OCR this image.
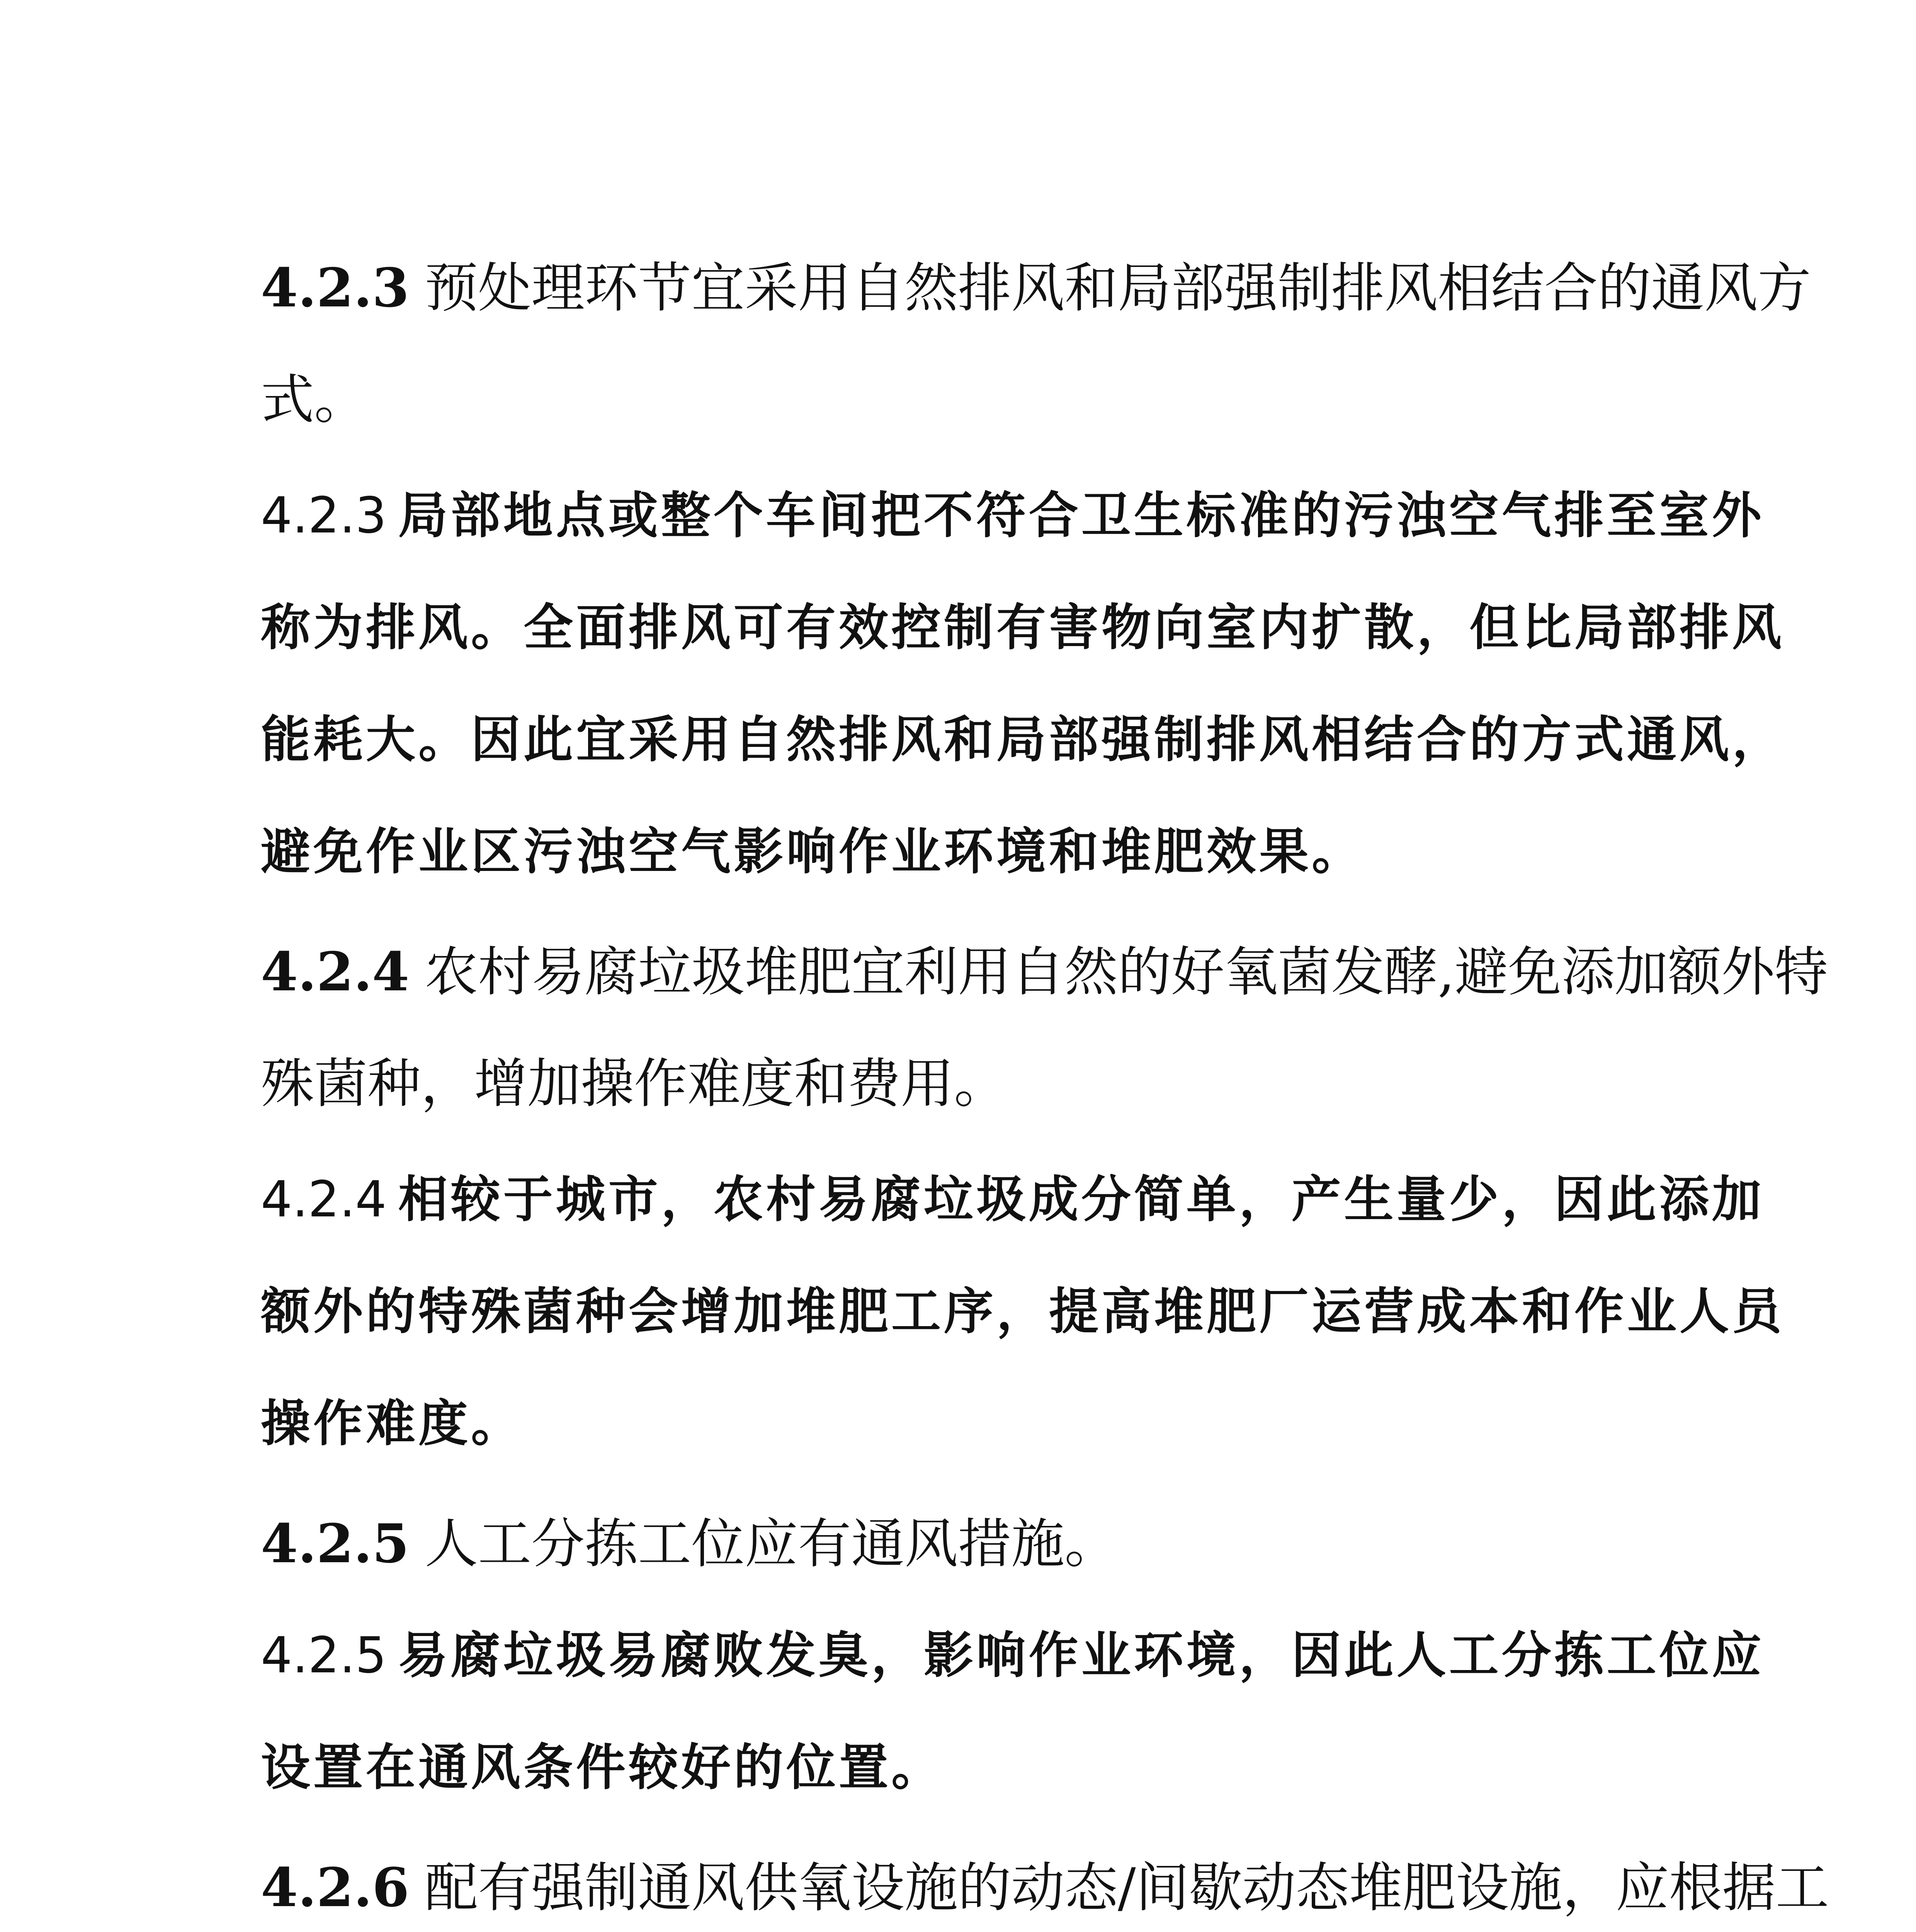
4.2.3 预处理环节宜采用自然排风和局部强制排风相结合的通风方
式。
4.2.3 局部地点或整个车间把不符合卫生标准的污浊空气排至室外
称为排风。全面排风可有效控制有害物向室内扩散，但比局部排风
能耗大。因此宜采用自然排风和局部强制排风相结合的方式通风，
避免作业区污浊空气影响作业环境和堆肥效果。
4.2.4 农村易腐垃圾堆肥宜利用自然的好氧菌发酵,避免添加额外特
殊菌种，增加操作难度和费用。
4.2.4 相较于城市，农村易腐垃圾成分简单，产生量少，因此添加
额外的特殊菌种会增加堆肥工序，提高堆肥厂运营成本和作业人员
操作难度。
4.2.5 人工分拣工位应有通风措施。
4.2.5 易腐垃圾易腐败发臭，影响作业环境，因此人工分拣工位应
设置在通风条件较好的位置。
4.2.6 配有强制通风供氧设施的动态/间歇动态堆肥设施，应根据工
